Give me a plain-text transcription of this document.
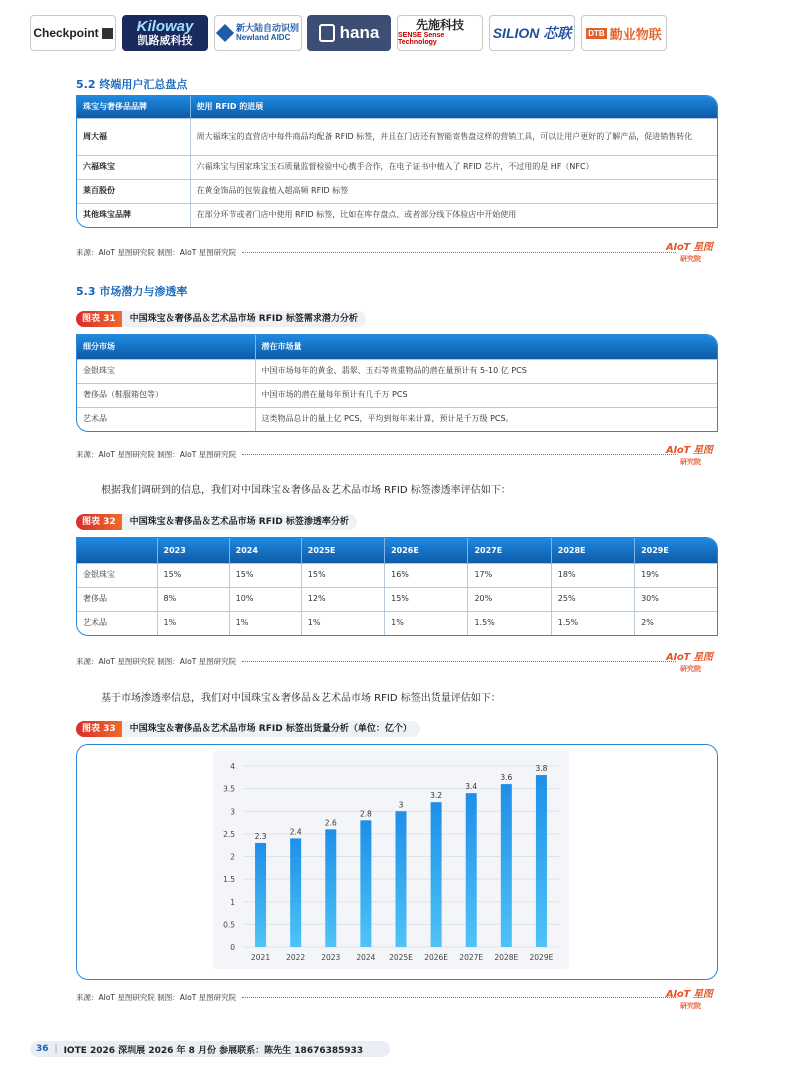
Checkpoint	Kiloway
凯路威科技
新大陆自动识别
Newland AIDC	hana	先施科技
SENSE Sense Technology
SILION 芯联 DTB 勤业物联
5.2 终端用户汇总盘点
珠宝与奢侈品品牌	使用 RFID 的进展
周大福	周大福珠宝的直营店中每件商品均配备 RFID 标签，并且在门店还有智能寄售盘这样的营销工具，可以让用户更好的了解产品，促进销售转化
六福珠宝	六福珠宝与国家珠宝玉石质量监督检验中心携手合作，在电子证书中植入了 RFID 芯片，不过用的是 HF（NFC）
莱百股份	在黄金饰品的包装盒植入超高频 RFID 标签
其他珠宝品牌	在部分环节或者门店中使用 RFID 标签，比如在库存盘点、或者部分线下体验店中开始使用
来源：AIoT 星图研究院 制图：AIoT 星图研究院	AIoT 星图
研究院
5.3 市场潜力与渗透率
图表 31	中国珠宝＆奢侈品＆艺术品市场 RFID 标签需求潜力分析
细分市场	潜在市场量
金银珠宝	中国市场每年的黄金、翡翠、玉石等贵重物品的潜在量预计有 5-10 亿 PCS
奢侈品（鞋服箱包等）	中国市场的潜在量每年预计有几千万 PCS
艺术品	这类物品总计的量上亿 PCS，平均到每年来计算，预计是千万级 PCS。
来源：AIoT 星图研究院 制图：AIoT 星图研究院	AIoT 星图
研究院
根据我们调研到的信息，我们对中国珠宝＆奢侈品＆艺术品市场 RFID 标签渗透率评估如下：
图表 32	中国珠宝＆奢侈品＆艺术品市场 RFID 标签渗透率分析
	2023	2024	2025E	2026E	2027E	2028E	2029E
金银珠宝	15%	15%	15%	16%	17%	18%	19%
奢侈品	8%	10%	12%	15%	20%	25%	30%
艺术品	1%	1%	1%	1%	1.5%	1.5%	2%
来源：AIoT 星图研究院 制图：AIoT 星图研究院	AIoT 星图
研究院
基于市场渗透率信息，我们对中国珠宝＆奢侈品＆艺术品市场 RFID 标签出货量评估如下：
图表 33	中国珠宝＆奢侈品＆艺术品市场 RFID 标签出货量分析（单位：亿个）
0
0.5
1
1.5
2
2.5
3
3.5
4
2.3
2021
2.4
2022
2.6
2023
2.8
2024
3
2025E
3.2
2026E
3.4
2027E
3.6
2028E
3.8
2029E
来源：AIoT 星图研究院 制图：AIoT 星图研究院	AIoT 星图
研究院
36 | IOTE 2026 深圳展 2026 年 8 月份 参展联系：陈先生 18676385933
